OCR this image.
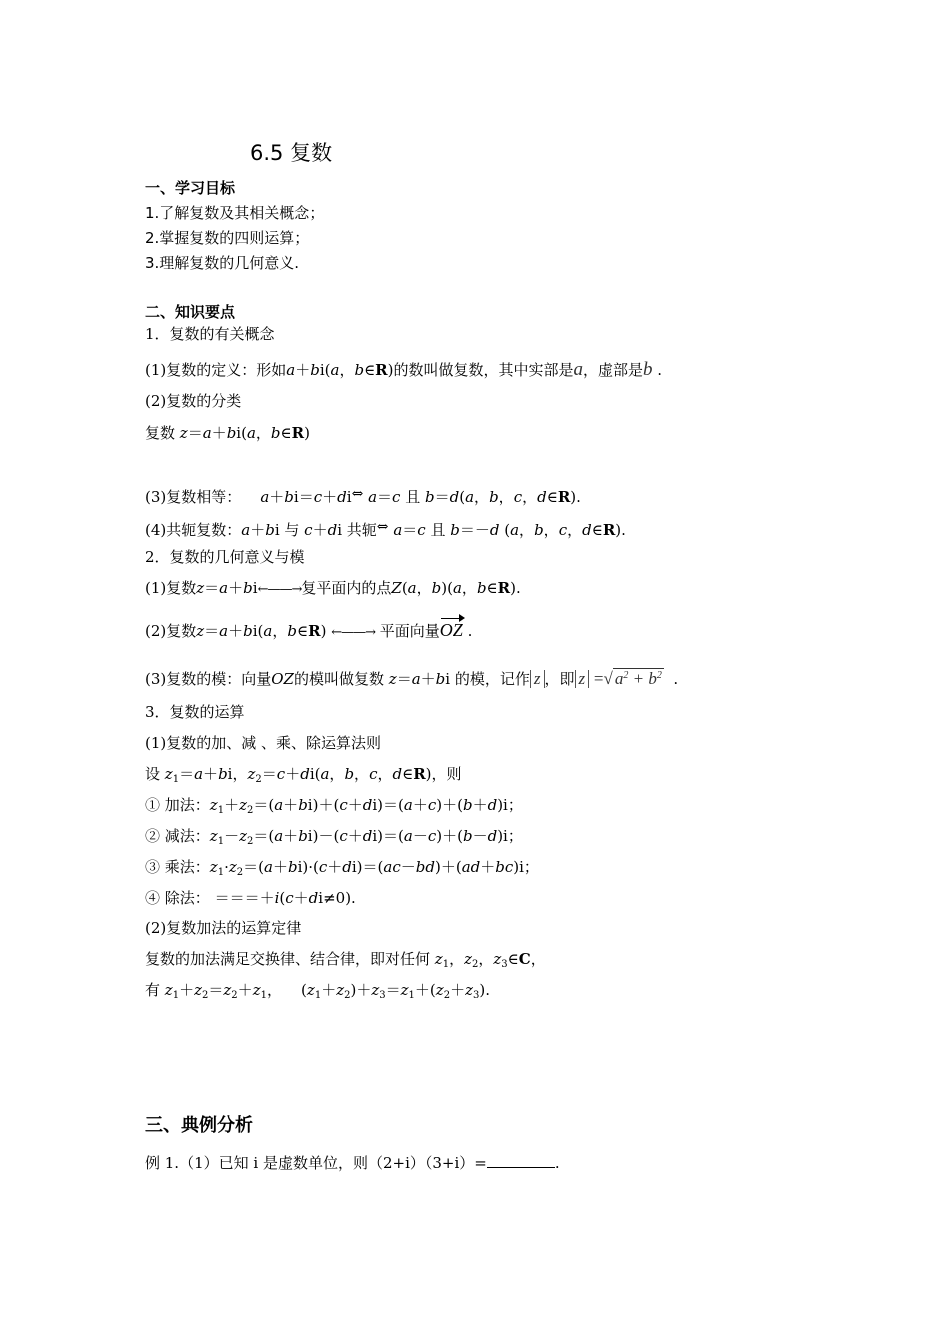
6.5 复数
一、学习目标
1.了解复数及其相关概念；
2.掌握复数的四则运算；
3.理解复数的几何意义.
二、知识要点
1．复数的有关概念
(1)复数的定义：形如a＋bi(a，b∈R)的数叫做复数，其中实部是a，虚部是b .
(2)复数的分类
复数 z＝a＋bi(a，b∈R)
(3)复数相等： a＋bi＝c＋di⇔ a＝c 且 b＝d(a，b，c，d∈R).
(4)共轭复数：a＋bi 与 c＋di 共轭⇔ a＝c 且 b＝－d (a，b，c，d∈R).
2．复数的几何意义与模
(1)复数z＝a＋bi←——→复平面内的点Z(a，b)(a，b∈R).
(2)复数z＝a＋bi(a，b∈R) ←——→ 平面向量OZ .
(3)复数的模：向量OZ的模叫做复数 z＝a＋bi 的模，记作 z ，即 z =√ $a^2 + b^2$  .
3．复数的运算
(1)复数的加、减 、乘、除运算法则
设 $z_1=a+bi$，$z_2=c+di(a$，b，c，d∈R)，则
① 加法：$z_1+z_2=(a+bi)+(c+di)=(a+c)+(b+d)i$；
② 减法：$z_1-z_2=(a+bi)-(c+di)=(a-c)+(b-d)i$；
③ 乘法：$z_1\cdot z_2=(a+bi)\cdot(c+di)=(ac-bd)+(ad+bc)i$；
④ 除法： ＝＝＝＋i(c＋di≠0).
(2)复数加法的运算定律
复数的加法满足交换律、结合律，即对任何 $z_1$，$z_2$，$z_3\in C$，
有 $z_1+z_2=z_2+z_1$，    $(z_1+z_2)+z_3=z_1+(z_2+z_3)$.
三、典例分析
例 1.（1）已知 i 是虚数单位，则（2+i）（3+i）=	.
